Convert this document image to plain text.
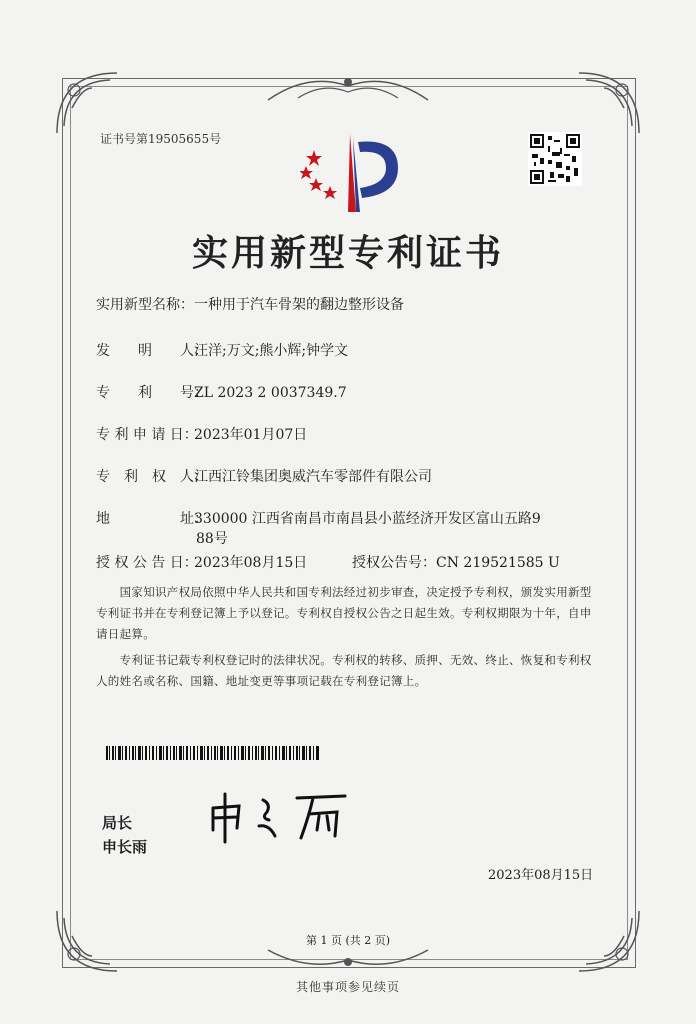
证书号第19505655号
实用新型专利证书
实用新型名称：一种用于汽车骨架的翻边整形设备
发　　明　　人：汪洋;万文;熊小辉;钟学文
专　　利　　号：ZL 2023 2 0037349.7
专 利 申 请 日：2023年01月07日
专　利　权　人：江西江铃集团奥威汽车零部件有限公司
地　　　　　址：330000 江西省南昌市南昌县小蓝经济开发区富山五路9
88号
授 权 公 告 日：2023年08月15日	授权公告号：CN 219521585 U
　　国家知识产权局依照中华人民共和国专利法经过初步审查，决定授予专利权，颁发实用新型
专利证书并在专利登记簿上予以登记。专利权自授权公告之日起生效。专利权期限为十年，自申
请日起算。
　　专利证书记载专利权登记时的法律状况。专利权的转移、质押、无效、终止、恢复和专利权
人的姓名或名称、国籍、地址变更等事项记载在专利登记簿上。
局长
申长雨
2023年08月15日
第 1 页 (共 2 页)
其他事项参见续页
